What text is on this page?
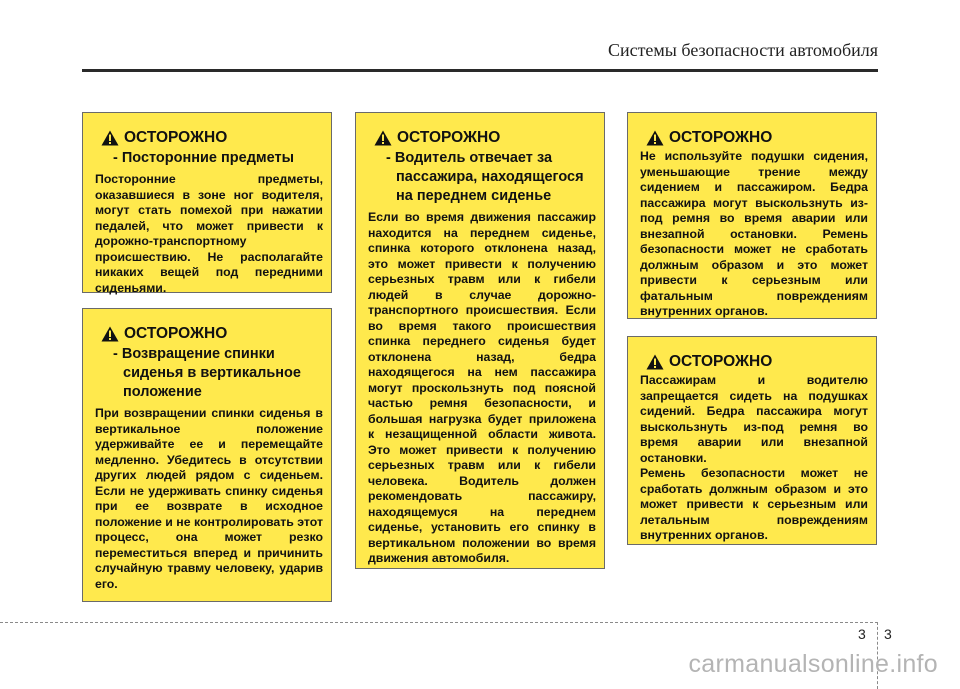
Системы безопасности автомобиля
ОСТОРОЖНО
- Посторонние предметы

Посторонние предметы, оказавшиеся в зоне ног водителя, могут стать помехой при нажатии педалей, что может привести к дорожно-транспортному происшествию. Не располагайте никаких вещей под передними сиденьями.

ОСТОРОЖНО
- Возвращение спинки
сиденья в вертикальное
положение

При возвращении спинки сиденья в вертикальное положение удерживайте ее и перемещайте медленно. Убедитесь в отсутствии других людей рядом с сиденьем. Если не удерживать спинку сиденья при ее возврате в исходное положение и не контролировать этот процесс, она может резко переместиться вперед и причинить случайную травму человеку, ударив его.

ОСТОРОЖНО
- Водитель отвечает за
пассажира, находящегося
на переднем сиденье

Если во время движения пассажир находится на переднем сиденье, спинка которого отклонена назад, это может привести к получению серьезных травм или к гибели людей в случае дорожно-транспортного происшествия. Если во время такого происшествия спинка переднего сиденья будет отклонена назад, бедра находящегося на нем пассажира могут проскользнуть под поясной частью ремня безопасности, и большая нагрузка будет приложена к незащищенной области живота. Это может привести к получению серьезных травм или к гибели человека. Водитель должен рекомендовать пассажиру, находящемуся на переднем сиденье, установить его спинку в вертикальном положении во время движения автомобиля.

ОСТОРОЖНО

Не используйте подушки сидения, уменьшающие трение между сидением и пассажиром. Бедра пассажира могут выскользнуть из-под ремня во время аварии или внезапной остановки. Ремень безопасности может не сработать должным образом и это может привести к серьезным или фатальным повреждениям внутренних органов.

ОСТОРОЖНО

Пассажирам и водителю запрещается сидеть на подушках сидений. Бедра пассажира могут выскользнуть из-под ремня во время аварии или внезапной остановки.

Ремень безопасности может не сработать должным образом и это может привести к серьезным или летальным повреждениям внутренних органов.

3 3
carmanualsonline.info
